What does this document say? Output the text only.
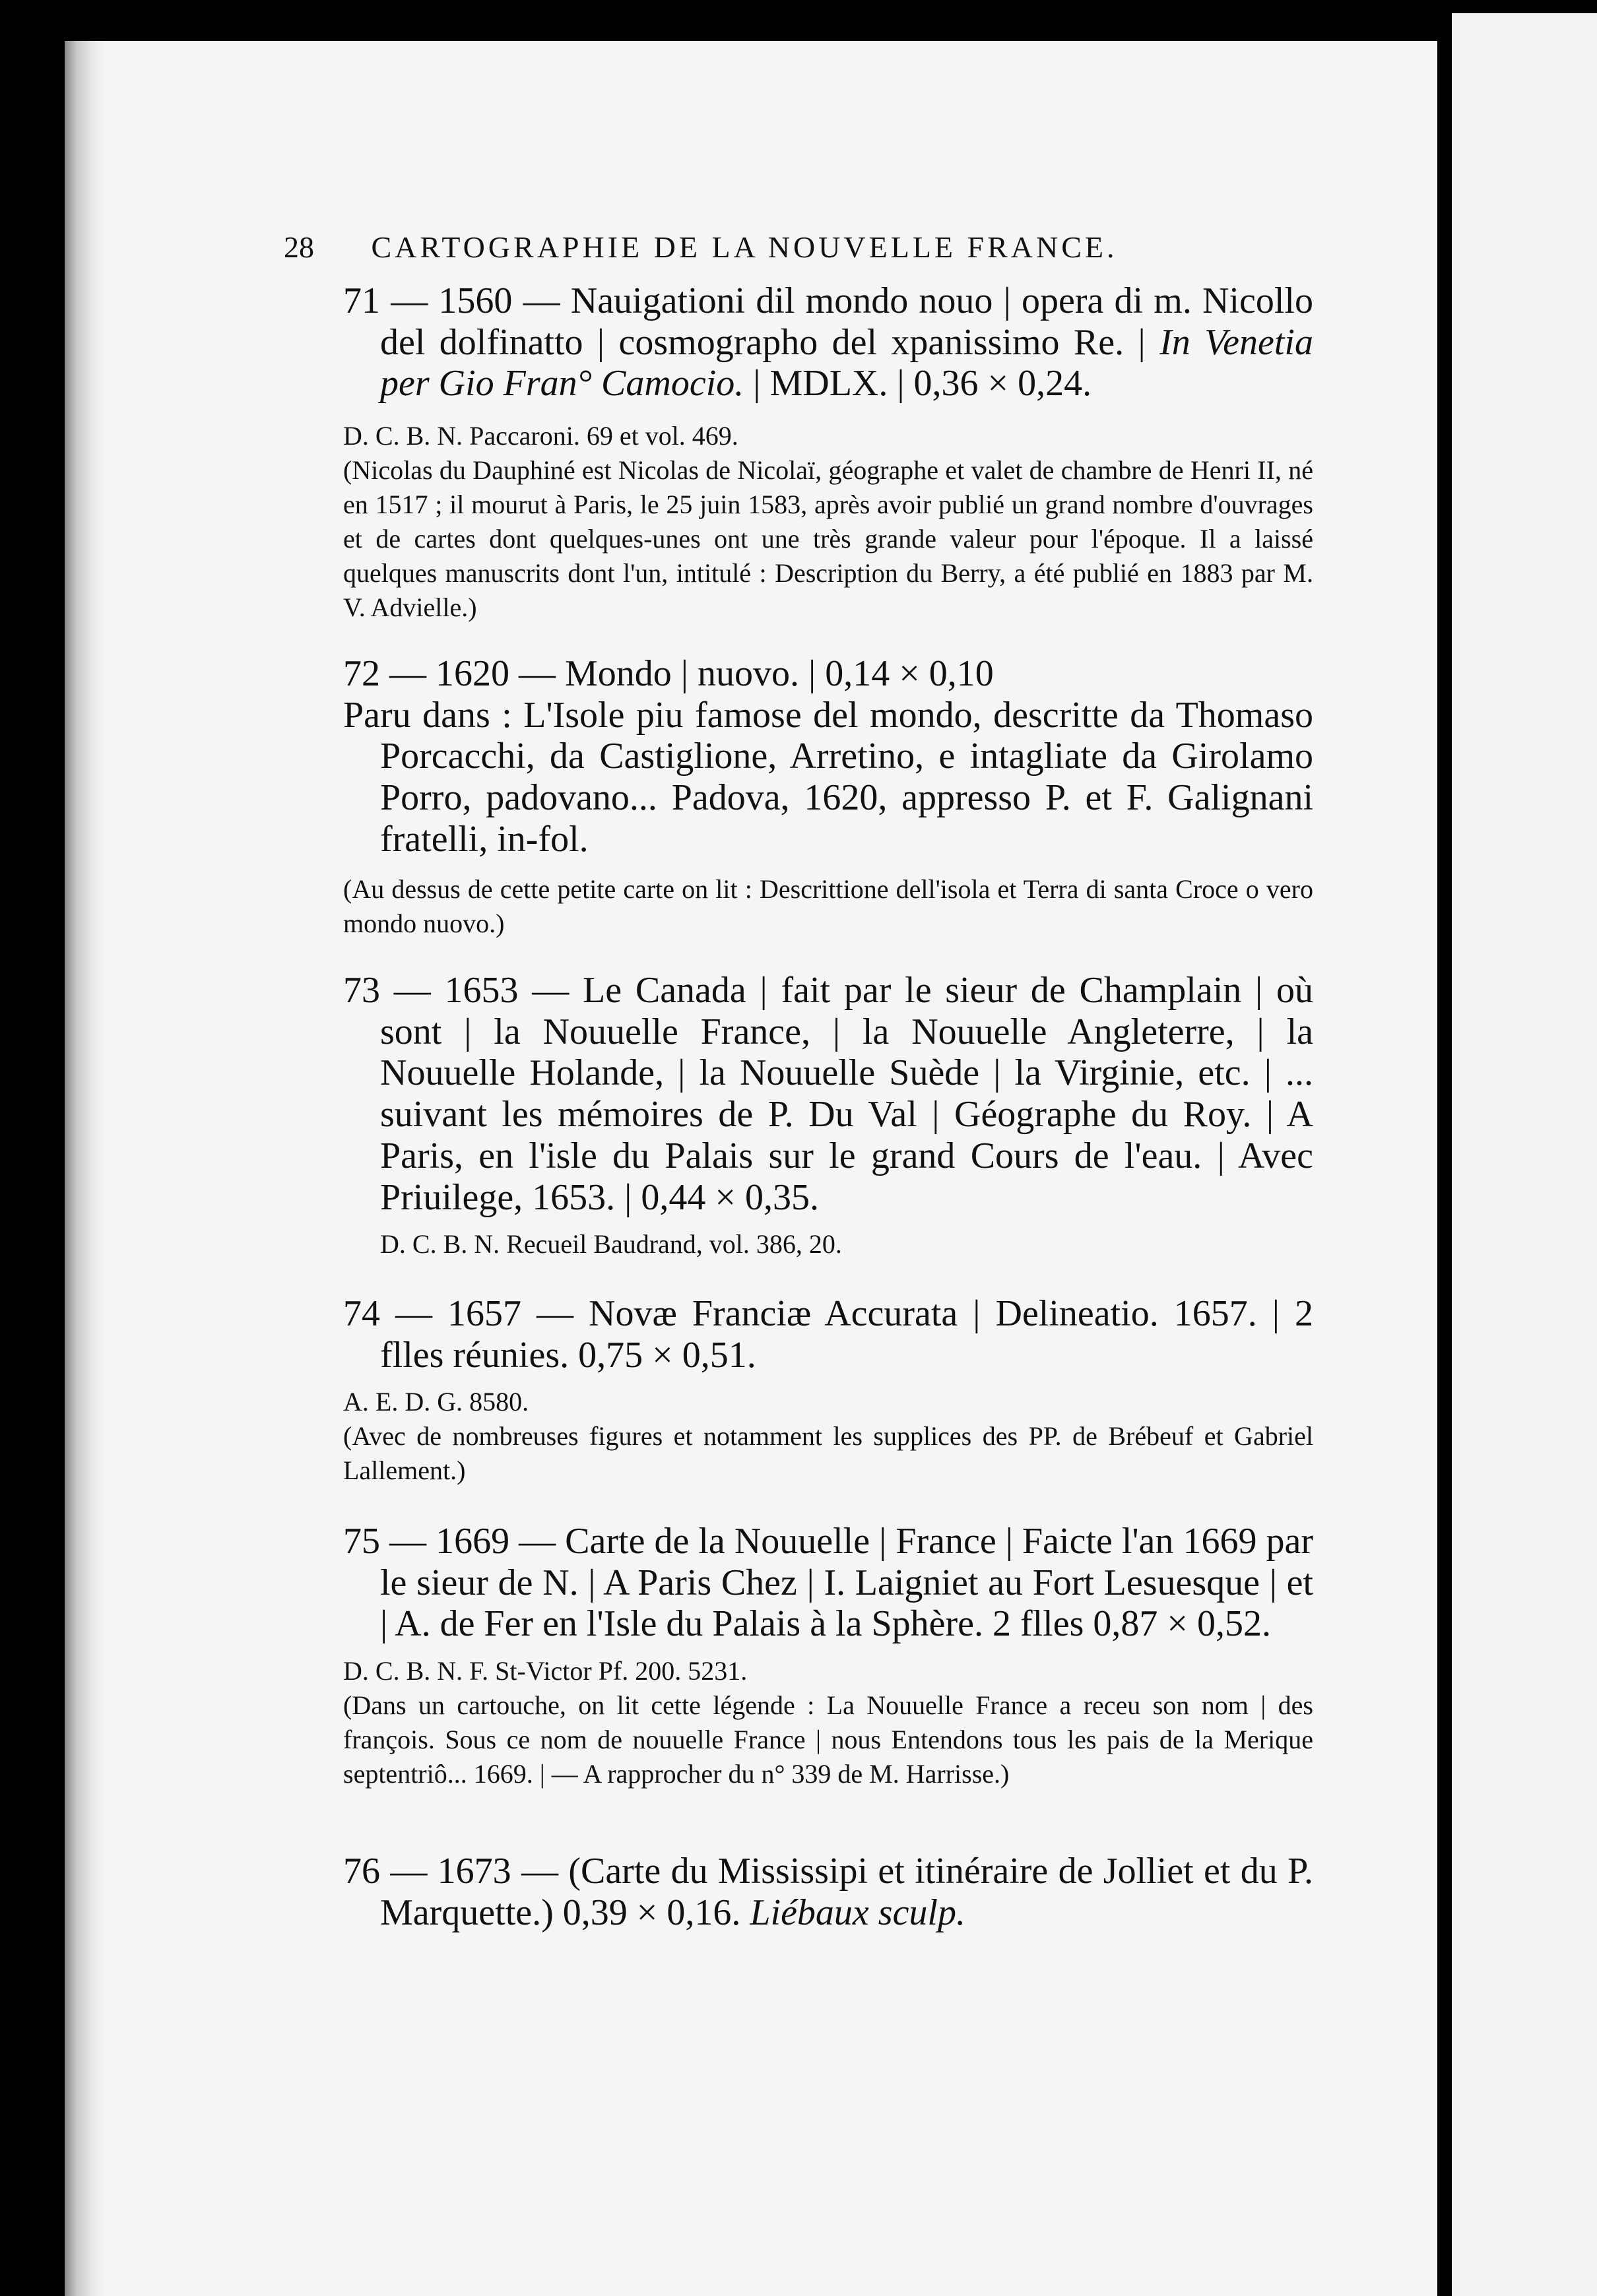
28 CARTOGRAPHIE DE LA NOUVELLE FRANCE.
71 — 1560 — Nauigationi dil mondo nouo | opera di m. Nicollo del dolfinatto | cosmographo del xpanissimo Re. | In Venetia per Gio Fran° Camocio. | MDLX. | 0,36 × 0,24.
D. C. B. N. Paccaroni. 69 et vol. 469.
(Nicolas du Dauphiné est Nicolas de Nicolaï, géographe et valet de chambre de Henri II, né en 1517 ; il mourut à Paris, le 25 juin 1583, après avoir publié un grand nombre d'ouvrages et de cartes dont quelques-unes ont une très grande valeur pour l'époque. Il a laissé quelques manuscrits dont l'un, intitulé : Description du Berry, a été publié en 1883 par M. V. Advielle.)
72 — 1620 — Mondo | nuovo. | 0,14 × 0,10
Paru dans : L'Isole piu famose del mondo, descritte da Thomaso Porcacchi, da Castiglione, Arretino, e intagliate da Girolamo Porro, padovano... Padova, 1620, appresso P. et F. Galignani fratelli, in-fol.
(Au dessus de cette petite carte on lit : Descrittione dell'isola et Terra di santa Croce o vero mondo nuovo.)
73 — 1653 — Le Canada | fait par le sieur de Champlain | où sont | la Nouuelle France, | la Nouuelle Angleterre, | la Nouuelle Holande, | la Nouuelle Suède | la Virginie, etc. | ... suivant les mémoires de P. Du Val | Géographe du Roy. | A Paris, en l'isle du Palais sur le grand Cours de l'eau. | Avec Priuilege, 1653. | 0,44 × 0,35.
D. C. B. N. Recueil Baudrand, vol. 386, 20.
74 — 1657 — Novæ Franciæ Accurata | Delineatio. 1657. | 2 flles réunies. 0,75 × 0,51.
A. E. D. G. 8580.
(Avec de nombreuses figures et notamment les supplices des PP. de Brébeuf et Gabriel Lallement.)
75 — 1669 — Carte de la Nouuelle | France | Faicte l'an 1669 par le sieur de N. | A Paris Chez | I. Laigniet au Fort Lesuesque | et | A. de Fer en l'Isle du Palais à la Sphère. 2 flles 0,87 × 0,52.
D. C. B. N. F. St-Victor Pf. 200. 5231.
(Dans un cartouche, on lit cette légende : La Nouuelle France a receu son nom | des françois. Sous ce nom de nouuelle France | nous Entendons tous les pais de la Merique septentriô... 1669. | — A rapprocher du n° 339 de M. Harrisse.)
76 — 1673 — (Carte du Mississipi et itinéraire de Jolliet et du P. Marquette.) 0,39 × 0,16. Liébaux sculp.
